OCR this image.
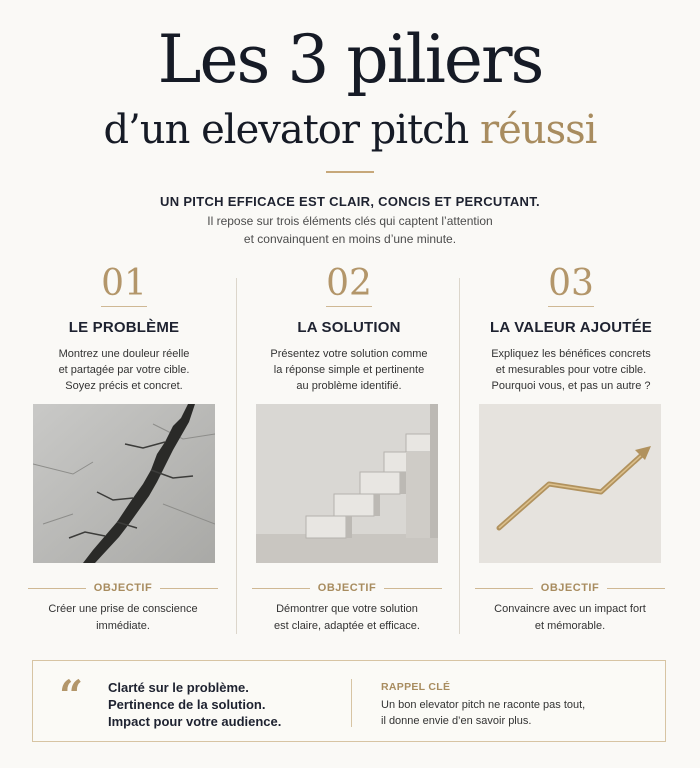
Les 3 piliers
d’un elevator pitch réussi
UN PITCH EFFICACE EST CLAIR, CONCIS ET PERCUTANT.
Il repose sur trois éléments clés qui captent l’attention
et convainquent en moins d’une minute.
01
LE PROBLÈME
Montrez une douleur réelle
et partagée par votre cible.
Soyez précis et concret.
02
LA SOLUTION
Présentez votre solution comme
la réponse simple et pertinente
au problème identifié.
03
LA VALEUR AJOUTÉE
Expliquez les bénéfices concrets
et mesurables pour votre cible.
Pourquoi vous, et pas un autre ?
OBJECTIF	OBJECTIF	OBJECTIF
Créer une prise de conscience
immédiate.
Démontrer que votre solution
est claire, adaptée et efficace.
Convaincre avec un impact fort
et mémorable.
“ Clarté sur le problème.
Pertinence de la solution.
Impact pour votre audience.
RAPPEL CLÉ
Un bon elevator pitch ne raconte pas tout,
il donne envie d’en savoir plus.
